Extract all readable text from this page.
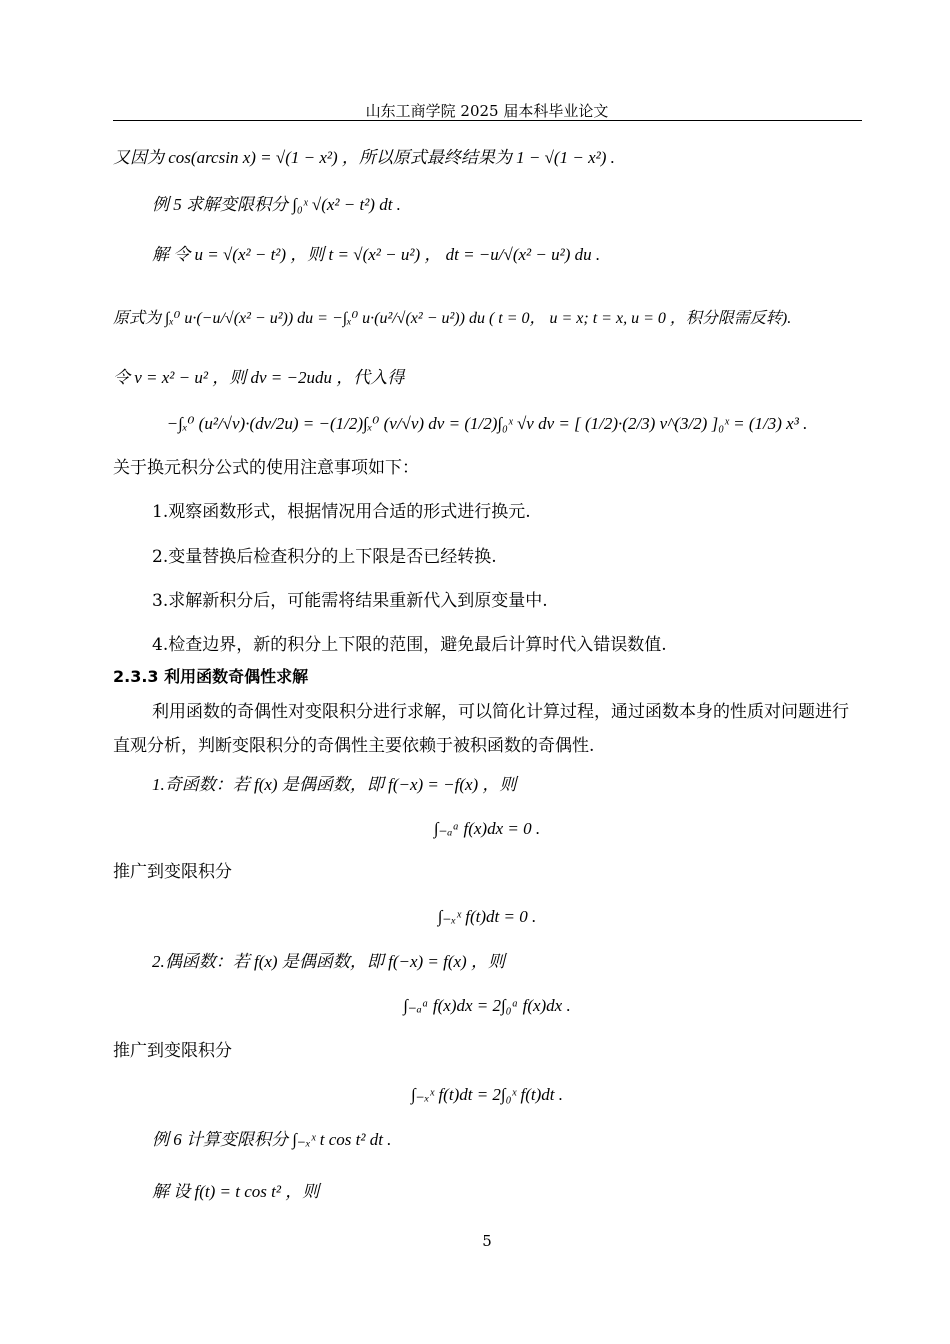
山东工商学院 2025 届本科毕业论文
又因为 cos(arcsin x) = √(1 − x²) ，所以原式最终结果为 1 − √(1 − x²) .
例 5 求解变限积分 ∫₀ˣ √(x² − t²) dt .
解 令 u = √(x² − t²) ，则 t = √(x² − u²) ， dt = −u/√(x² − u²) du .
原式为 ∫ₓ⁰ u·(−u/√(x² − u²)) du = −∫ₓ⁰ u·(u²/√(x² − u²)) du ( t = 0， u = x; t = x, u = 0 ，积分限需反转).
令 v = x² − u² ，则 dv = −2udu ，代入得
−∫ₓ⁰ (u²/√v)·(dv/2u) = −(1/2)∫ₓ⁰ (v/√v) dv = (1/2)∫₀ˣ √v dv = [ (1/2)·(2/3) v^(3/2) ]₀ˣ = (1/3) x³ .
关于换元积分公式的使用注意事项如下：
1.观察函数形式，根据情况用合适的形式进行换元.
2.变量替换后检查积分的上下限是否已经转换.
3.求解新积分后，可能需将结果重新代入到原变量中.
4.检查边界，新的积分上下限的范围，避免最后计算时代入错误数值.
2.3.3 利用函数奇偶性求解
利用函数的奇偶性对变限积分进行求解，可以简化计算过程，通过函数本身的性质对问题进行直观分析，判断变限积分的奇偶性主要依赖于被积函数的奇偶性.
1.奇函数：若 f(x) 是偶函数，即 f(−x) = −f(x) ，则
∫₋ₐᵃ f(x)dx = 0 .
推广到变限积分
∫₋ₓˣ f(t)dt = 0 .
2.偶函数：若 f(x) 是偶函数，即 f(−x) = f(x) ，则
∫₋ₐᵃ f(x)dx = 2∫₀ᵃ f(x)dx .
推广到变限积分
∫₋ₓˣ f(t)dt = 2∫₀ˣ f(t)dt .
例 6 计算变限积分 ∫₋ₓˣ t cos t² dt .
解 设 f(t) = t cos t² ，则
5
